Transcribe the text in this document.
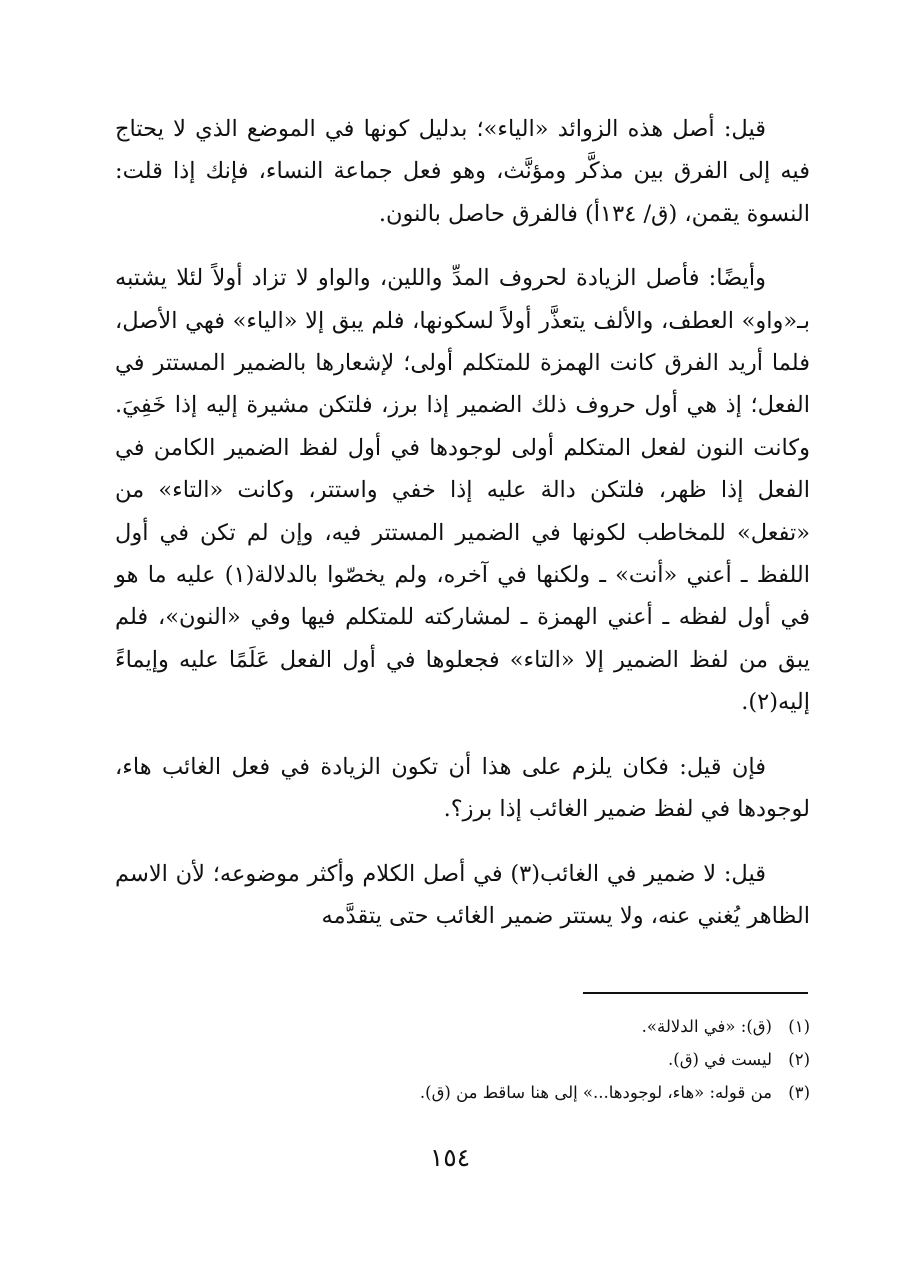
قيل: أصل هذه الزوائد «الياء»؛ بدليل كونها في الموضع الذي لا يحتاج فيه إلى الفرق بين مذكَّر ومؤنَّث، وهو فعل جماعة النساء، فإنك إذا قلت: النسوة يقمن، (ق/ ١٣٤أ) فالفرق حاصل بالنون.

وأيضًا: فأصل الزيادة لحروف المدِّ واللين، والواو لا تزاد أولاً لئلا يشتبه بـ«واو» العطف، والألف يتعذَّر أولاً لسكونها، فلم يبق إلا «الياء» فهي الأصل، فلما أريد الفرق كانت الهمزة للمتكلم أولى؛ لإشعارها بالضمير المستتر في الفعل؛ إذ هي أول حروف ذلك الضمير إذا برز، فلتكن مشيرة إليه إذا خَفِيَ. وكانت النون لفعل المتكلم أولى لوجودها في أول لفظ الضمير الكامن في الفعل إذا ظهر، فلتكن دالة عليه إذا خفي واستتر، وكانت «التاء» من «تفعل» للمخاطب لكونها في الضمير المستتر فيه، وإن لم تكن في أول اللفظ ـ أعني «أنت» ـ ولكنها في آخره، ولم يخصّوا بالدلالة(١) عليه ما هو في أول لفظه ـ أعني الهمزة ـ لمشاركته للمتكلم فيها وفي «النون»، فلم يبق من لفظ الضمير إلا «التاء» فجعلوها في أول الفعل عَلَمًا عليه وإيماءً إليه(٢).

فإن قيل: فكان يلزم على هذا أن تكون الزيادة في فعل الغائب هاء، لوجودها في لفظ ضمير الغائب إذا برز؟.

قيل: لا ضمير في الغائب(٣) في أصل الكلام وأكثر موضوعه؛ لأن الاسم الظاهر يُغني عنه، ولا يستتر ضمير الغائب حتى يتقدَّمه

(١)(ق): «في الدلالة».

(٢)ليست في (ق).

(٣)من قوله: «هاء، لوجودها...» إلى هنا ساقط من (ق).

١٥٤
